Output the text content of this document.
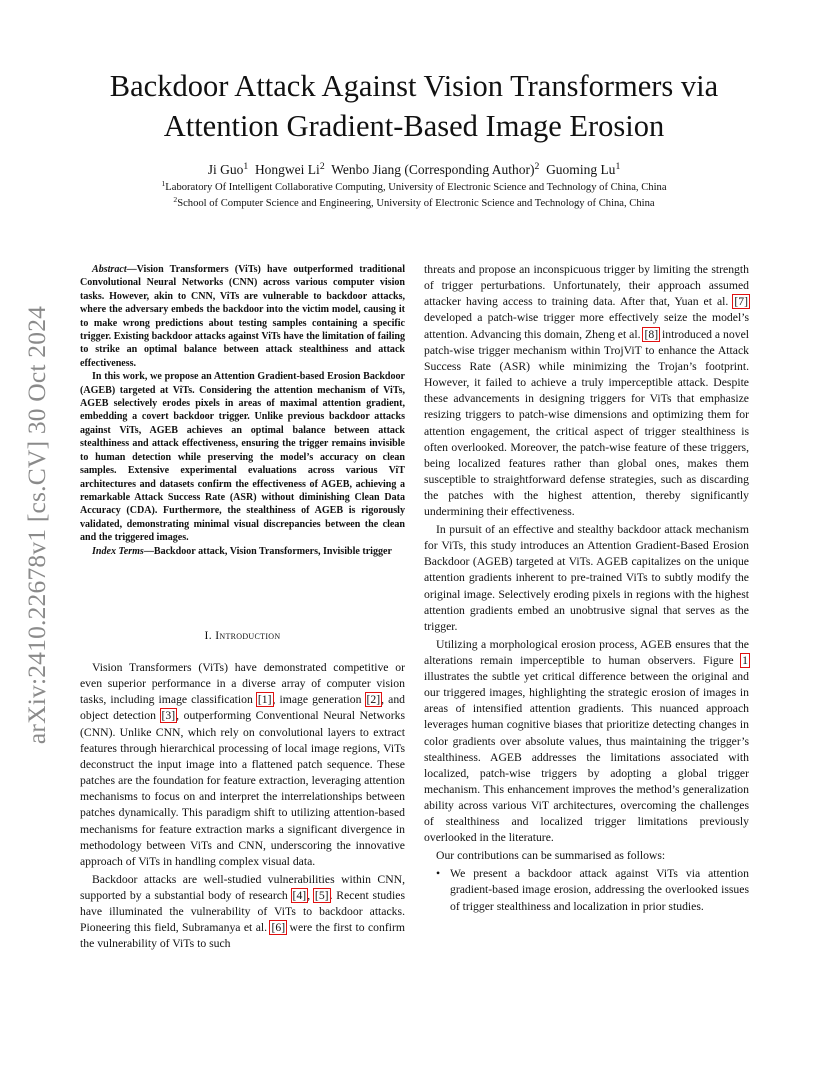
arXiv:2410.22678v1 [cs.CV] 30 Oct 2024
Backdoor Attack Against Vision Transformers via Attention Gradient-Based Image Erosion
Ji Guo$^1$ Hongwei Li$^2$ Wenbo Jiang (Corresponding Author)$^2$ Guoming Lu$^1$
$^1$Laboratory Of Intelligent Collaborative Computing, University of Electronic Science and Technology of China, China
$^2$School of Computer Science and Engineering, University of Electronic Science and Technology of China, China

Abstract—Vision Transformers (ViTs) have outperformed traditional Convolutional Neural Networks (CNN) across various computer vision tasks. However, akin to CNN, ViTs are vulnerable to backdoor attacks, where the adversary embeds the backdoor into the victim model, causing it to make wrong predictions about testing samples containing a specific trigger. Existing backdoor attacks against ViTs have the limitation of failing to strike an optimal balance between attack stealthiness and attack effectiveness.

In this work, we propose an Attention Gradient-based Erosion Backdoor (AGEB) targeted at ViTs. Considering the attention mechanism of ViTs, AGEB selectively erodes pixels in areas of maximal attention gradient, embedding a covert backdoor trigger. Unlike previous backdoor attacks against ViTs, AGEB achieves an optimal balance between attack stealthiness and attack effectiveness, ensuring the trigger remains invisible to human detection while preserving the model’s accuracy on clean samples. Extensive experimental evaluations across various ViT architectures and datasets confirm the effectiveness of AGEB, achieving a remarkable Attack Success Rate (ASR) without diminishing Clean Data Accuracy (CDA). Furthermore, the stealthiness of AGEB is rigorously validated, demonstrating minimal visual discrepancies between the clean and the triggered images.

Index Terms—Backdoor attack, Vision Transformers, Invisible trigger

I. Introduction

Vision Transformers (ViTs) have demonstrated competitive or even superior performance in a diverse array of computer vision tasks, including image classification [ 1 ] , image generation [ 2 ] , and object detection [ 3 ] , outperforming Conventional Neural Networks (CNN). Unlike CNN, which rely on convolutional layers to extract features through hierarchical processing of local image regions, ViTs deconstruct the input image into a flattened patch sequence. These patches are the foundation for feature extraction, leveraging attention mechanisms to focus on and interpret the interrelationships between patches dynamically. This paradigm shift to utilizing attention-based mechanisms for feature extraction marks a significant divergence in methodology between ViTs and CNN, underscoring the innovative approach of ViTs in handling complex visual data.

Backdoor attacks are well-studied vulnerabilities within CNN, supported by a substantial body of research [ 4 ] , [ 5 ] . Recent studies have illuminated the vulnerability of ViTs to backdoor attacks. Pioneering this field, Subramanya et al. [ 6 ] were the first to confirm the vulnerability of ViTs to such

threats and propose an inconspicuous trigger by limiting the strength of trigger perturbations. Unfortunately, their approach assumed attacker having access to training data. After that, Yuan et al. [ 7 ] developed a patch-wise trigger more effectively seize the model’s attention. Advancing this domain, Zheng et al. [ 8 ] introduced a novel patch-wise trigger mechanism within TrojViT to enhance the Attack Success Rate (ASR) while minimizing the Trojan’s footprint. However, it failed to achieve a truly imperceptible attack. Despite these advancements in designing triggers for ViTs that emphasize resizing triggers to patch-wise dimensions and optimizing them for attention engagement, the critical aspect of trigger stealthiness is often overlooked. Moreover, the patch-wise feature of these triggers, being localized features rather than global ones, makes them susceptible to straightforward defense strategies, such as discarding the patches with the highest attention, thereby significantly undermining their effectiveness.

In pursuit of an effective and stealthy backdoor attack mechanism for ViTs, this study introduces an Attention Gradient-Based Erosion Backdoor (AGEB) targeted at ViTs. AGEB capitalizes on the unique attention gradients inherent to pre-trained ViTs to subtly modify the original image. Selectively eroding pixels in regions with the highest attention gradients embed an unobtrusive signal that serves as the trigger.

Utilizing a morphological erosion process, AGEB ensures that the alterations remain imperceptible to human observers. Figure 1 illustrates the subtle yet critical difference between the original and our triggered images, highlighting the strategic erosion of images in areas of intensified attention gradients. This nuanced approach leverages human cognitive biases that prioritize detecting changes in color gradients over absolute values, thus maintaining the trigger’s stealthiness. AGEB addresses the limitations associated with localized, patch-wise triggers by adopting a global trigger mechanism. This enhancement improves the method’s generalization ability across various ViT architectures, overcoming the challenges of stealthiness and localized trigger limitations previously overlooked in the literature.

Our contributions can be summarised as follows:

• We present a backdoor attack against ViTs via attention gradient-based image erosion, addressing the overlooked issues of trigger stealthiness and localization in prior studies.
